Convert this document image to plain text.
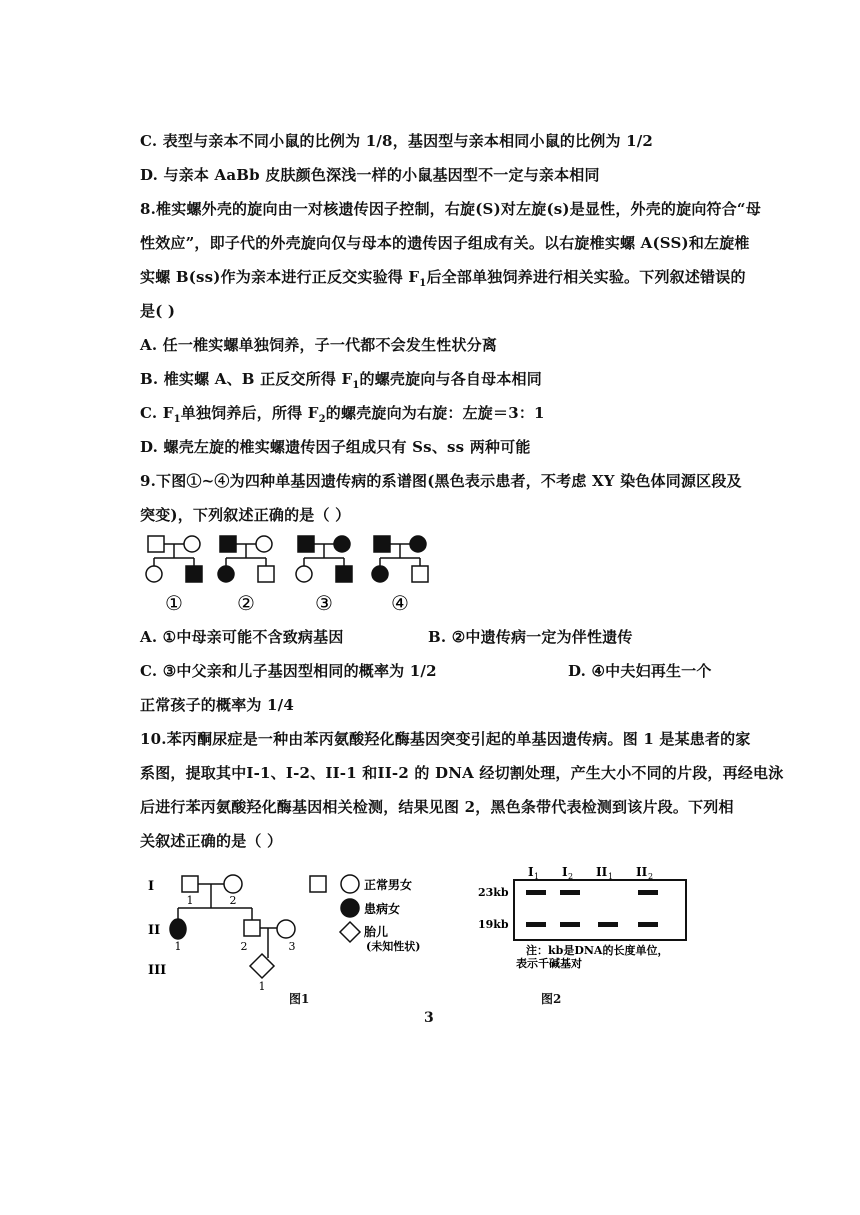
C. 表型与亲本不同小鼠的比例为 1/8，基因型与亲本相同小鼠的比例为 1/2
D. 与亲本 AaBb 皮肤颜色深浅一样的小鼠基因型不一定与亲本相同
8.椎实螺外壳的旋向由一对核遗传因子控制，右旋(S)对左旋(s)是显性，外壳的旋向符合“母
性效应”，即子代的外壳旋向仅与母本的遗传因子组成有关。以右旋椎实螺 A(SS)和左旋椎
实螺 B(ss)作为亲本进行正反交实验得 $F_1$后全部单独饲养进行相关实验。下列叙述错误的
是( )
A. 任一椎实螺单独饲养，子一代都不会发生性状分离
B. 椎实螺 A、B 正反交所得 $F_1$的螺壳旋向与各自母本相同
C. $F_1$单独饲养后，所得 $F_2$的螺壳旋向为右旋：左旋＝3：1
D. 螺壳左旋的椎实螺遗传因子组成只有 Ss、ss 两种可能
9.下图①~④为四种单基因遗传病的系谱图(黑色表示患者，不考虑 XY 染色体同源区段及
突变)，下列叙述正确的是（ ）
①	②	③	④
A. ①中母亲可能不含致病基因	B. ②中遗传病一定为伴性遗传
C. ③中父亲和儿子基因型相同的概率为 1/2	D. ④中夫妇再生一个
正常孩子的概率为 1/4
10.苯丙酮尿症是一种由苯丙氨酸羟化酶基因突变引起的单基因遗传病。图 1 是某患者的家
系图，提取其中I-1、I-2、II-1 和II-2 的 DNA 经切割处理，产生大小不同的片段，再经电泳
后进行苯丙氨酸羟化酶基因相关检测，结果见图 2，黑色条带代表检测到该片段。下列相
关叙述正确的是（ ）
I
II
III
1	2
1	2	3
1
正常男女
患病女
胎儿
(未知性状)
图1
I 1 I 2 II 1 II 2
23kb
19kb
注：kb是DNA的长度单位，
表示千碱基对
图2
3
